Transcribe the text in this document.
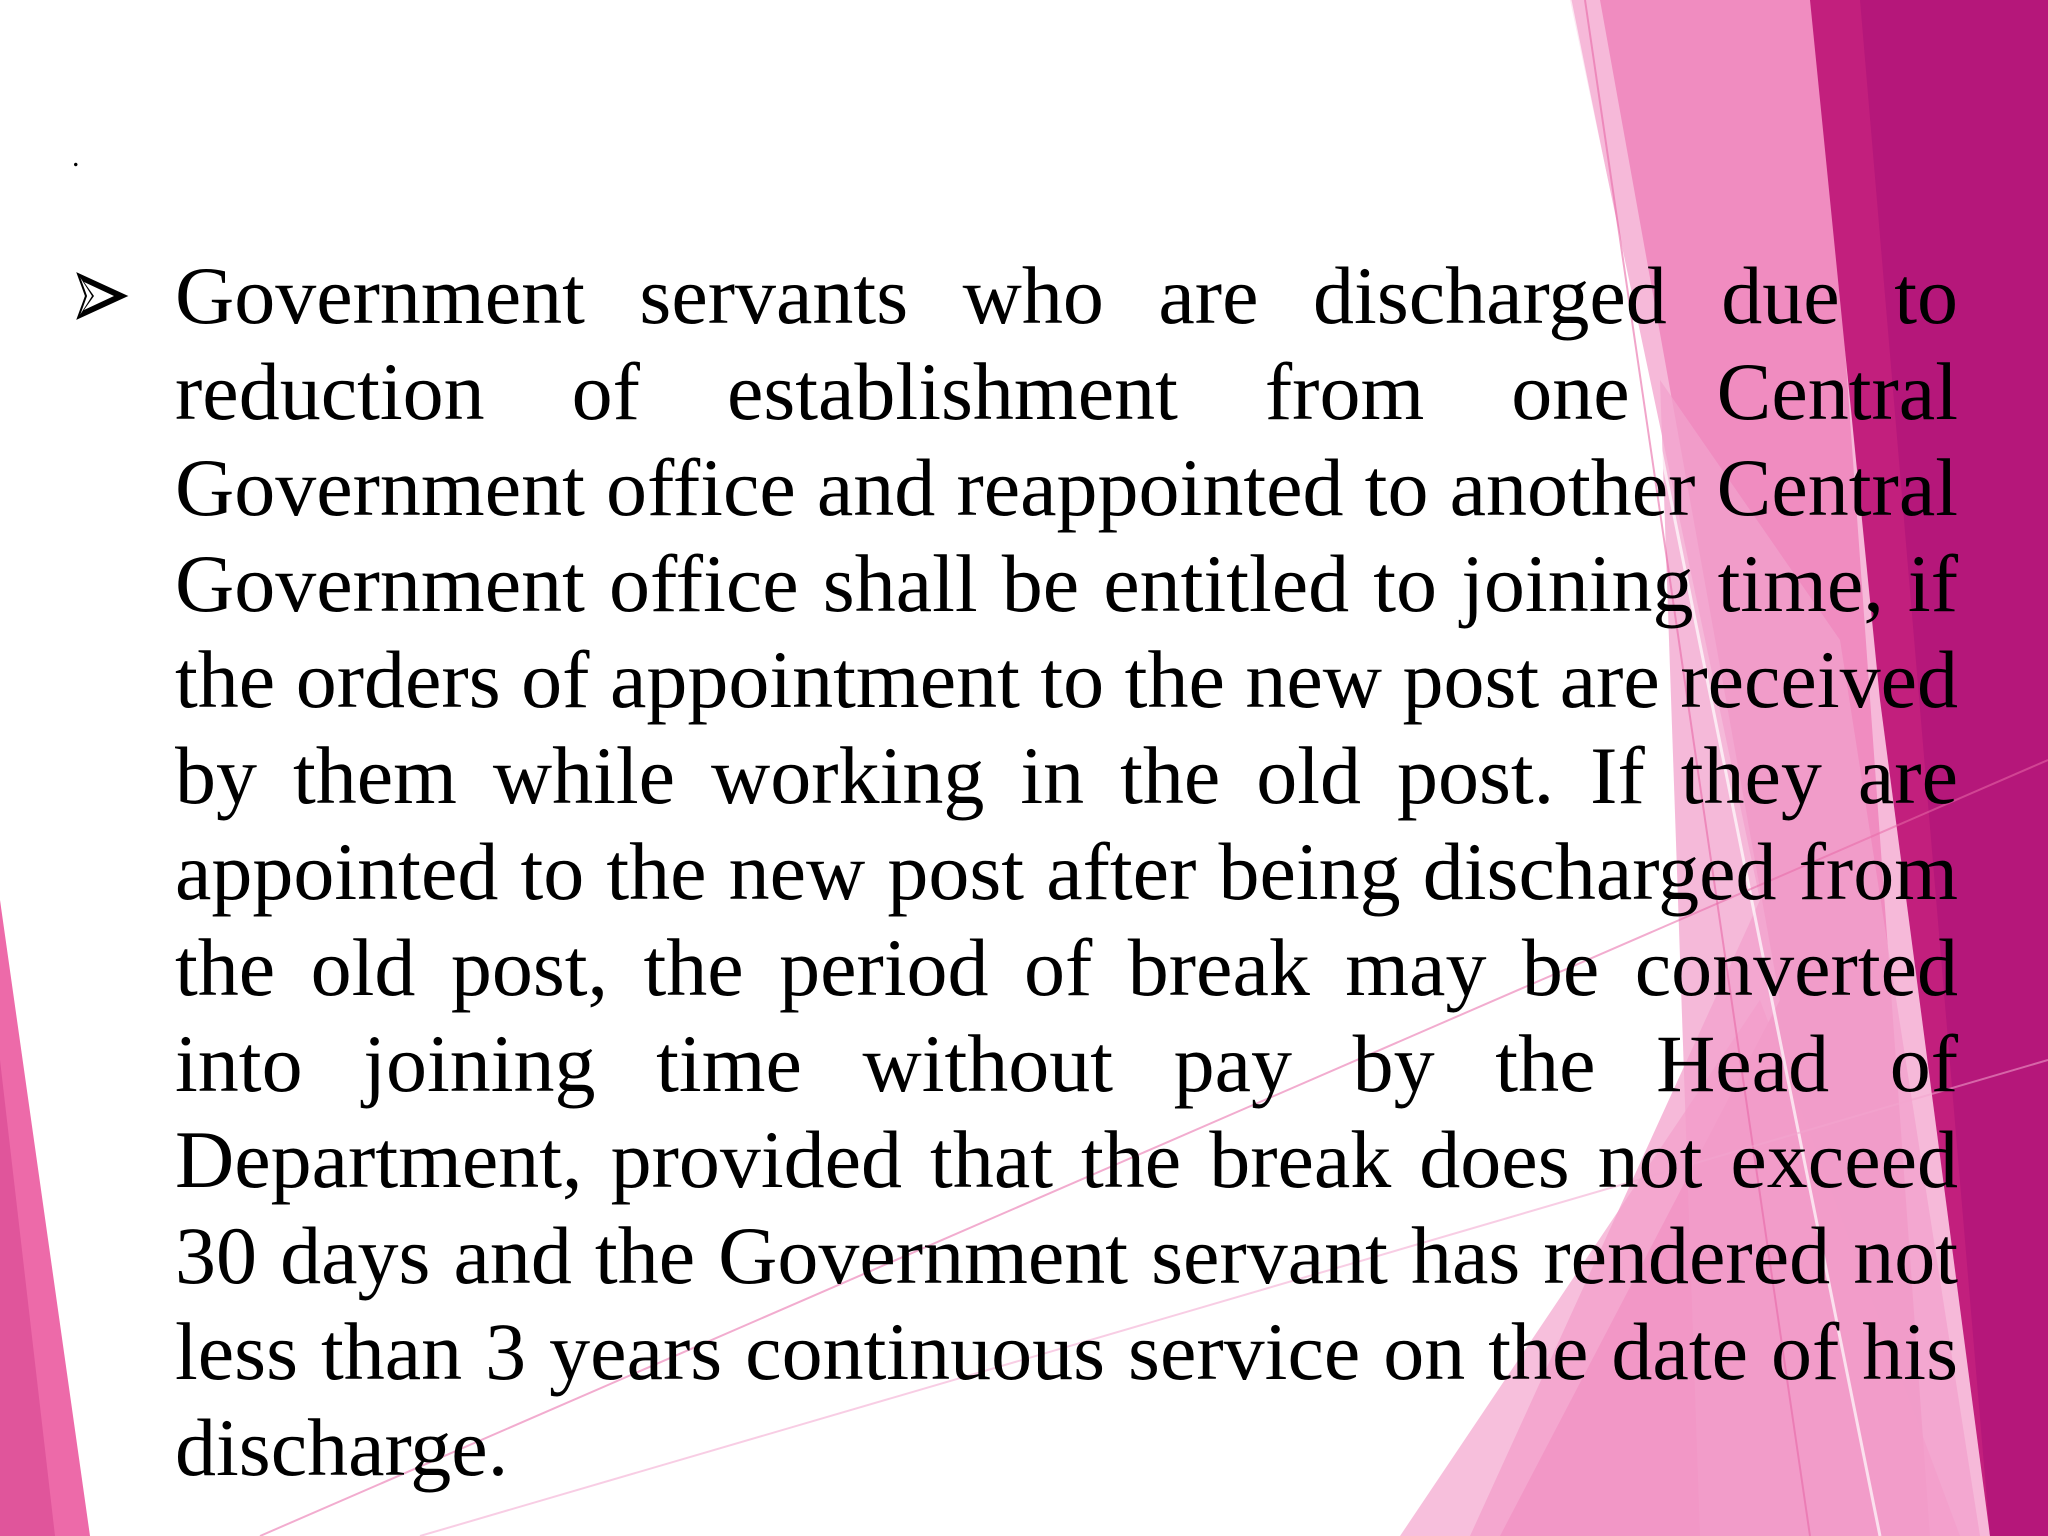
.
Government servants who are discharged due to reduction of establishment from one Central Government office and reappointed to another Central Government office shall be entitled to joining time, if the orders of appointment to the new post are received by them while working in the old post. If they are appointed to the new post after being discharged from the old post, the period of break may be converted into joining time without pay by the Head of Department, provided that the break does not exceed 30 days and the Government servant has rendered not less than 3 years continuous service on the date of his discharge.
